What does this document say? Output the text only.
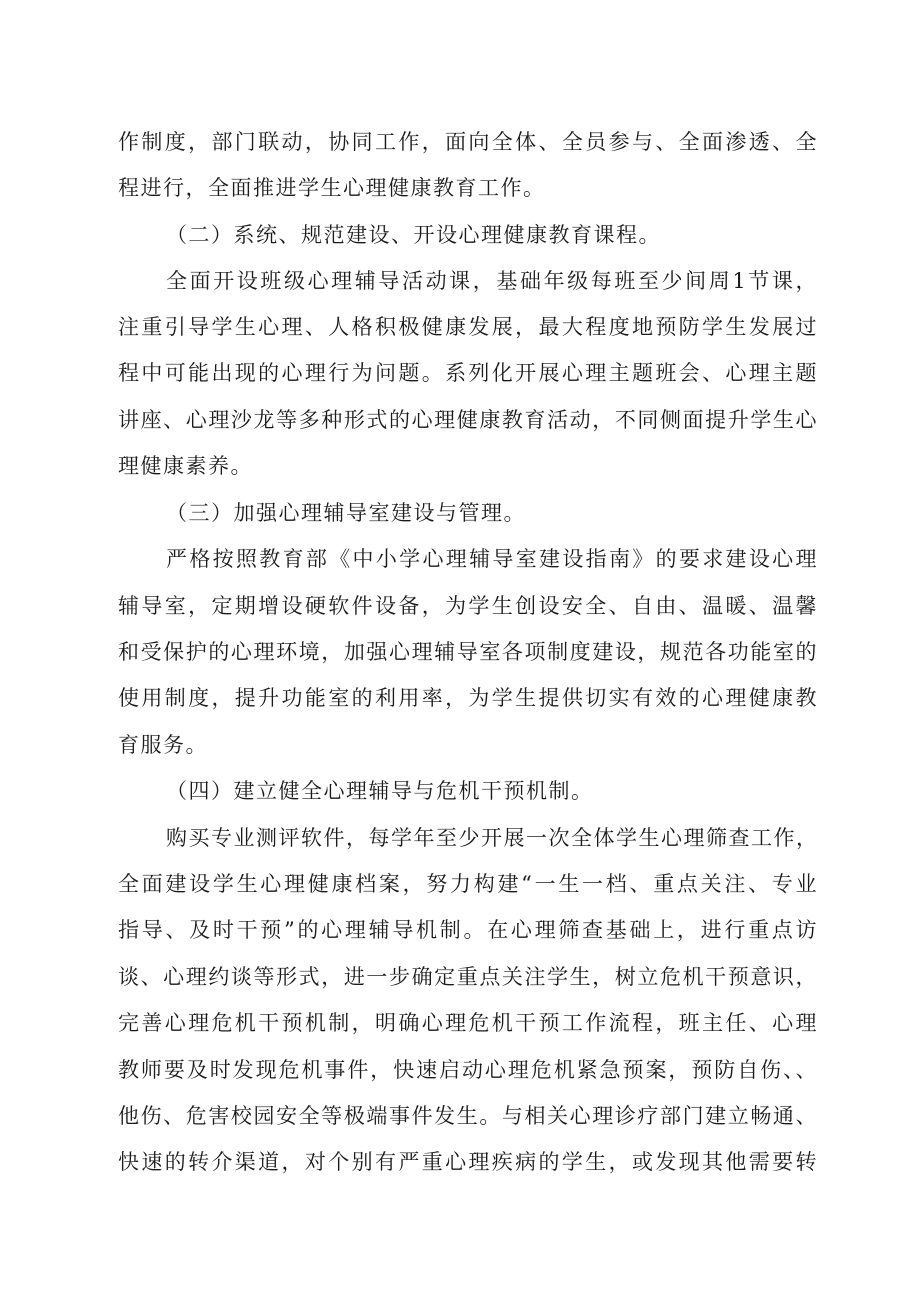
作制度，部门联动，协同工作，面向全体、全员参与、全面渗透、全
程进行，全面推进学生心理健康教育工作。
（二）系统、规范建设、开设心理健康教育课程。
全面开设班级心理辅导活动课，基础年级每班至少间周1节课，
注重引导学生心理、人格积极健康发展，最大程度地预防学生发展过
程中可能出现的心理行为问题。系列化开展心理主题班会、心理主题
讲座、心理沙龙等多种形式的心理健康教育活动，不同侧面提升学生心
理健康素养。
（三）加强心理辅导室建设与管理。
严格按照教育部《中小学心理辅导室建设指南》的要求建设心理
辅导室，定期增设硬软件设备，为学生创设安全、自由、温暖、温馨
和受保护的心理环境，加强心理辅导室各项制度建设，规范各功能室的
使用制度，提升功能室的利用率，为学生提供切实有效的心理健康教
育服务。
（四）建立健全心理辅导与危机干预机制。
购买专业测评软件，每学年至少开展一次全体学生心理筛查工作，
全面建设学生心理健康档案，努力构建“一生一档、重点关注、专业
指导、及时干预”的心理辅导机制。在心理筛查基础上，进行重点访
谈、心理约谈等形式，进一步确定重点关注学生，树立危机干预意识，
完善心理危机干预机制，明确心理危机干预工作流程，班主任、心理
教师要及时发现危机事件，快速启动心理危机紧急预案，预防自伤、、
他伤、危害校园安全等极端事件发生。与相关心理诊疗部门建立畅通、
快速的转介渠道，对个别有严重心理疾病的学生，或发现其他需要转
